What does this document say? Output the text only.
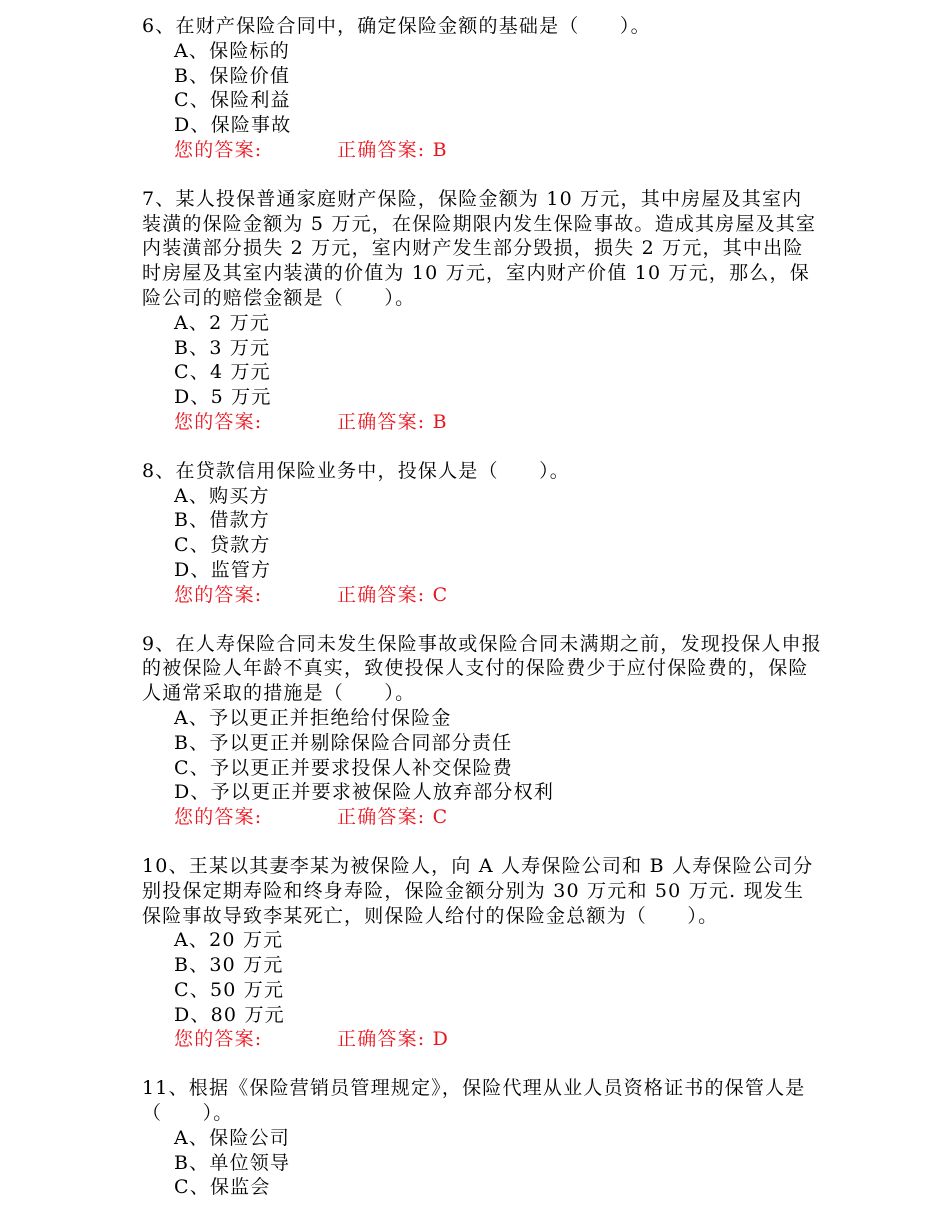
6、在财产保险合同中，确定保险金额的基础是（　　）。

A、保险标的
B、保险价值
C、保险利益
D、保险事故
您的答案:	正确答案: B

7、某人投保普通家庭财产保险，保险金额为 10 万元，其中房屋及其室内装潢的保险金额为 5 万元，在保险期限内发生保险事故。造成其房屋及其室内装潢部分损失 2 万元，室内财产发生部分毁损，损失 2 万元，其中出险时房屋及其室内装潢的价值为 10 万元，室内财产价值 10 万元，那么，保险公司的赔偿金额是（　　）。

A、2 万元
B、3 万元
C、4 万元
D、5 万元
您的答案:	正确答案: B

8、在贷款信用保险业务中，投保人是（　　）。

A、购买方
B、借款方
C、贷款方
D、监管方
您的答案:	正确答案: C

9、在人寿保险合同未发生保险事故或保险合同未满期之前，发现投保人申报的被保险人年龄不真实，致使投保人支付的保险费少于应付保险费的，保险人通常采取的措施是（　　）。

A、予以更正并拒绝给付保险金
B、予以更正并剔除保险合同部分责任
C、予以更正并要求投保人补交保险费
D、予以更正并要求被保险人放弃部分权利
您的答案:	正确答案: C

10、王某以其妻李某为被保险人，向 A 人寿保险公司和 B 人寿保险公司分别投保定期寿险和终身寿险，保险金额分别为 30 万元和 50 万元. 现发生保险事故导致李某死亡，则保险人给付的保险金总额为（　　）。

A、20 万元
B、30 万元
C、50 万元
D、80 万元
您的答案:	正确答案: D

11、根据《保险营销员管理规定》，保险代理从业人员资格证书的保管人是（　　）。

A、保险公司
B、单位领导
C、保监会
